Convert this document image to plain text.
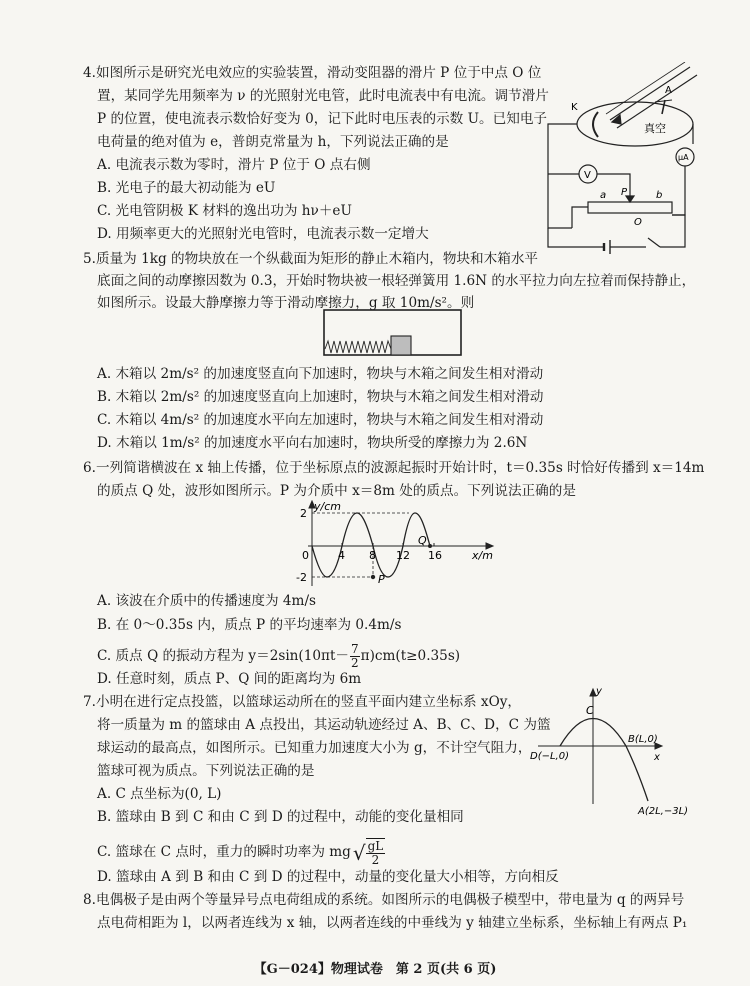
4.如图所示是研究光电效应的实验装置，滑动变阻器的滑片 P 位于中点 O 位
置，某同学先用频率为 ν 的光照射光电管，此时电流表中有电流。调节滑片
P 的位置，使电流表示数恰好变为 0，记下此时电压表的示数 U。已知电子
电荷量的绝对值为 e，普朗克常量为 h，下列说法正确的是
A. 电流表示数为零时，滑片 P 位于 O 点右侧
B. 光电子的最大初动能为 eU
C. 光电管阴极 K 材料的逸出功为 hν＋eU
D. 用频率更大的光照射光电管时，电流表示数一定增大
K
A
真空
V
μA
a P	b
O
5.质量为 1kg 的物块放在一个纵截面为矩形的静止木箱内，物块和木箱水平
底面之间的动摩擦因数为 0.3，开始时物块被一根轻弹簧用 1.6N 的水平拉力向左拉着而保持静止，
如图所示。设最大静摩擦力等于滑动摩擦力，g 取 10m/s²。则
A. 木箱以 2m/s² 的加速度竖直向下加速时，物块与木箱之间发生相对滑动
B. 木箱以 2m/s² 的加速度竖直向上加速时，物块与木箱之间发生相对滑动
C. 木箱以 4m/s² 的加速度水平向左加速时，物块与木箱之间发生相对滑动
D. 木箱以 1m/s² 的加速度水平向右加速时，物块所受的摩擦力为 2.6N
6.一列简谐横波在 x 轴上传播，位于坐标原点的波源起振时开始计时，t＝0.35s 时恰好传播到 x＝14m
的质点 Q 处，波形如图所示。P 为介质中 x＝8m 处的质点。下列说法正确的是
y/cm
x/m
0
2
-2
4 8 12 16
P
Q
A. 该波在介质中的传播速度为 4m/s
B. 在 0～0.35s 内，质点 P 的平均速率为 0.4m/s
C. 质点 Q 的振动方程为 $y=2\sin(10\pi t- \frac{7}{2} \pi)cm(t\ge 0.35s)$
D. 任意时刻，质点 P、Q 间的距离均为 6m
7.小明在进行定点投篮，以篮球运动所在的竖直平面内建立坐标系 xOy，
将一质量为 m 的篮球由 A 点投出，其运动轨迹经过 A、B、C、D，C 为篮
球运动的最高点，如图所示。已知重力加速度大小为 g，不计空气阻力，
篮球可视为质点。下列说法正确的是
A. C 点坐标为(0, L)
B. 篮球由 B 到 C 和由 C 到 D 的过程中，动能的变化量相同
C. 篮球在 C 点时，重力的瞬时功率为 mg √ $\frac{gL}{2}$
D. 篮球由 A 到 B 和由 C 到 D 的过程中，动量的变化量大小相等，方向相反
y
x
C
B(L,0)
D(−L,0)
A(2L,−3L)
8.电偶极子是由两个等量异号点电荷组成的系统。如图所示的电偶极子模型中，带电量为 q 的两异号
点电荷相距为 l，以两者连线为 x 轴，以两者连线的中垂线为 y 轴建立坐标系，坐标轴上有两点 P₁
【G－024】物理试卷　第 2 页(共 6 页)
